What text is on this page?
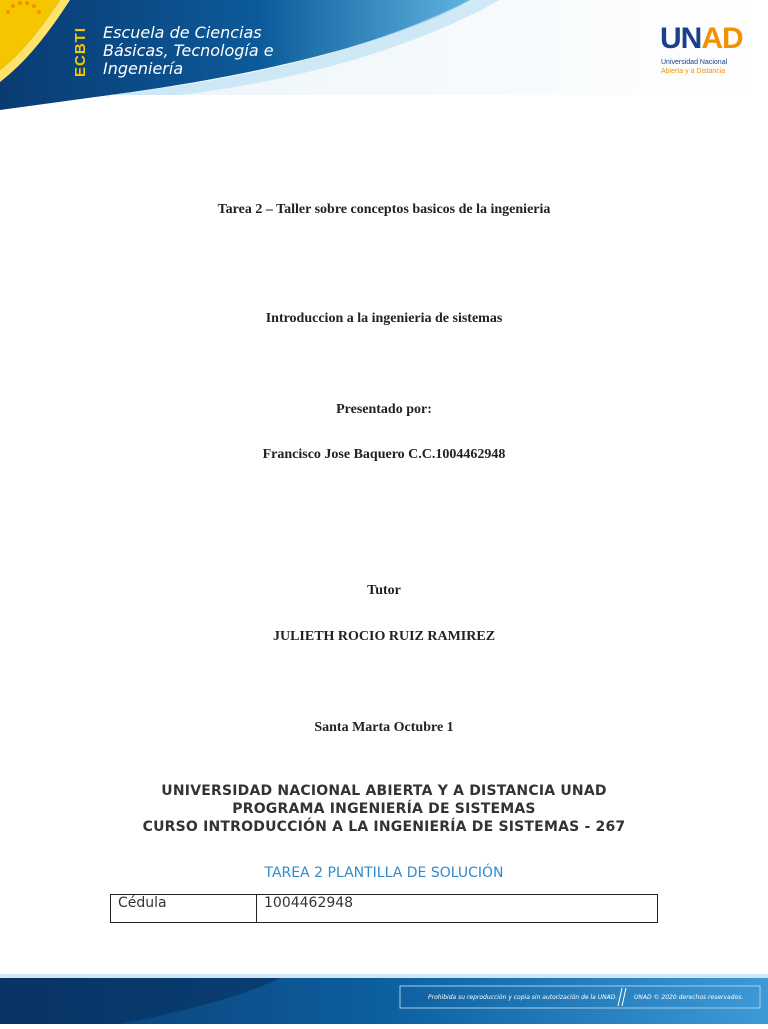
ECBTI Escuela de Ciencias
Básicas, Tecnología e
Ingeniería
UNAD
Universidad Nacional
Abierta y a Distancia
Tarea 2 – Taller sobre conceptos basicos de la ingenieria
Introduccion a la ingenieria de sistemas
Presentado por:
Francisco Jose Baquero C.C.1004462948
Tutor
JULIETH ROCIO RUIZ RAMIREZ
Santa Marta Octubre 1
UNIVERSIDAD NACIONAL ABIERTA Y A DISTANCIA UNAD
PROGRAMA INGENIERÍA DE SISTEMAS
CURSO INTRODUCCIÓN A LA INGENIERÍA DE SISTEMAS - 267
TAREA 2 PLANTILLA DE SOLUCIÓN
Cédula	1004462948
Prohibida su reproducción y copia sin autorización de la UNAD.	UNAD © 2020 derechos reservados.
